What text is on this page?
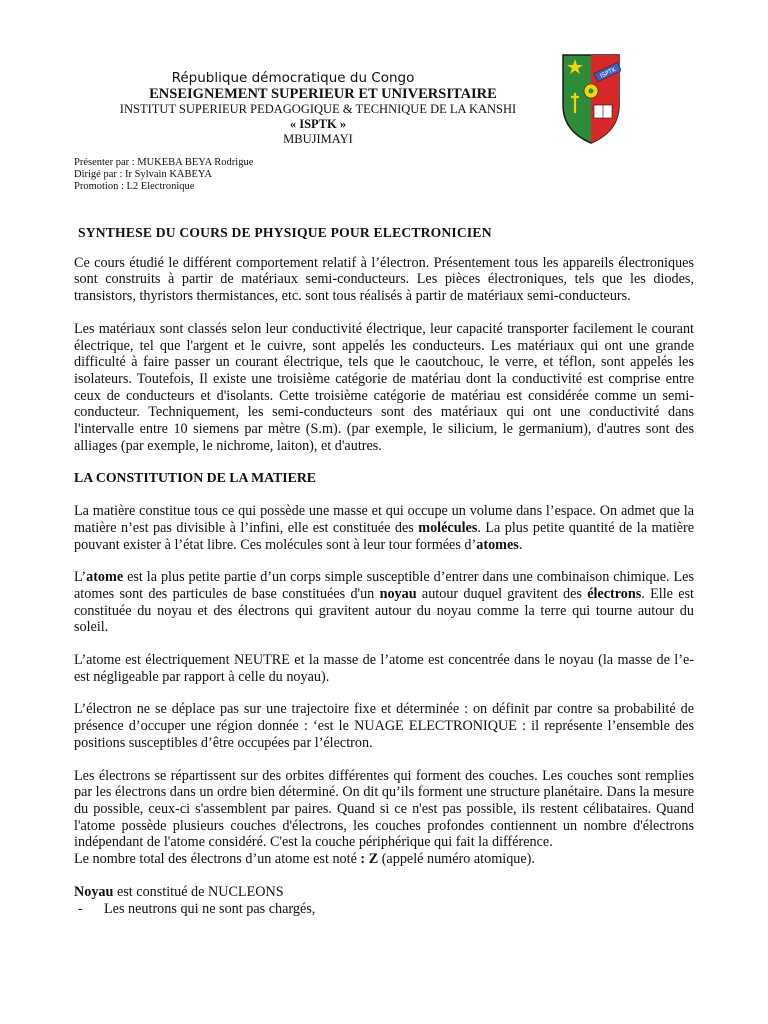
République démocratique du Congo
ENSEIGNEMENT SUPERIEUR ET UNIVERSITAIRE
INSTITUT SUPERIEUR PEDAGOGIQUE & TECHNIQUE DE LA KANSHI
« ISPTK »
MBUJIMAYI
ISPTK
Présenter par : MUKEBA BEYA Rodrigue
Dirigé par : Ir Sylvain KABEYA
Promotion : L2 Electronique
SYNTHESE DU COURS DE PHYSIQUE POUR ELECTRONICIEN

Ce cours étudié le différent comportement relatif à l’électron. Présentement tous les appareils électroniques sont construits à partir de matériaux semi-conducteurs. Les pièces électroniques, tels que les diodes, transistors, thyristors thermistances, etc. sont tous réalisés à partir de matériaux semi-conducteurs.

Les matériaux sont classés selon leur conductivité électrique, leur capacité transporter facilement le courant électrique, tel que l'argent et le cuivre, sont appelés les conducteurs. Les matériaux qui ont une grande difficulté à faire passer un courant électrique, tels que le caoutchouc, le verre, et téflon, sont appelés les isolateurs. Toutefois, Il existe une troisième catégorie de matériau dont la conductivité est comprise entre ceux de conducteurs et d'isolants. Cette troisième catégorie de matériau est considérée comme un semi-conducteur. Techniquement, les semi-conducteurs sont des matériaux qui ont une conductivité dans l'intervalle entre 10 siemens par mètre (S.m). (par exemple, le silicium, le germanium), d'autres sont des alliages (par exemple, le nichrome, laiton), et d'autres.

LA CONSTITUTION DE LA MATIERE

La matière constitue tous ce qui possède une masse et qui occupe un volume dans l’espace. On admet que la matière n’est pas divisible à l’infini, elle est constituée des molécules. La plus petite quantité de la matière pouvant exister à l’état libre. Ces molécules sont à leur tour formées d’atomes.

L’atome est la plus petite partie d’un corps simple susceptible d’entrer dans une combinaison chimique. Les atomes sont des particules de base constituées d'un noyau autour duquel gravitent des électrons. Elle est constituée du noyau et des électrons qui gravitent autour du noyau comme la terre qui tourne autour du soleil.

L’atome est électriquement NEUTRE et la masse de l’atome est concentrée dans le noyau (la masse de l’e- est négligeable par rapport à celle du noyau).

L’électron ne se déplace pas sur une trajectoire fixe et déterminée : on définit par contre sa probabilité de présence d’occuper une région donnée : ‘est le NUAGE ELECTRONIQUE : il représente l’ensemble des positions susceptibles d’être occupées par l’électron.

Les électrons se répartissent sur des orbites différentes qui forment des couches. Les couches sont remplies par les électrons dans un ordre bien déterminé. On dit qu’ils forment une structure planétaire. Dans la mesure du possible, ceux-ci s'assemblent par paires. Quand si ce n'est pas possible, ils restent célibataires. Quand l'atome possède plusieurs couches d'électrons, les couches profondes contiennent un nombre d'électrons indépendant de l'atome considéré. C'est la couche périphérique qui fait la différence.

Le nombre total des électrons d’un atome est noté : Z (appelé numéro atomique).

Noyau est constitué de NUCLEONS

-	Les neutrons qui ne sont pas chargés,
